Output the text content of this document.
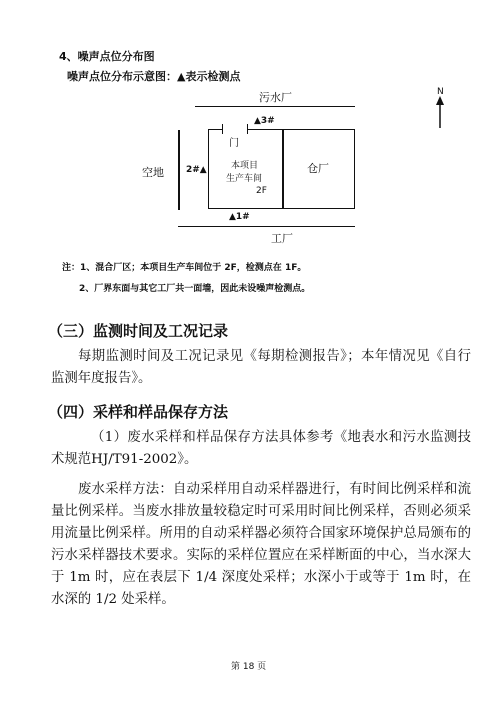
4、噪声点位分布图
噪声点位分布示意图：▲表示检测点
污水厂	N
门
▲3#
空地 2#▲	本项目
生产车间
2F
仓厂
▲1#
工厂
注：1、混合厂区；本项目生产车间位于 2F，检测点在 1F。
2、厂界东面与其它工厂共一面墙，因此未设噪声检测点。
（三）监测时间及工况记录
每期监测时间及工况记录见《每期检测报告》；本年情况见《自行监测年度报告》。
（四）采样和样品保存方法
（1）废水采样和样品保存方法具体参考《地表水和污水监测技术规范HJ/T91-2002》。
废水采样方法：自动采样用自动采样器进行，有时间比例采样和流量比例采样。当废水排放量较稳定时可采用时间比例采样，否则必须采用流量比例采样。所用的自动采样器必须符合国家环境保护总局颁布的污水采样器技术要求。实际的采样位置应在采样断面的中心，当水深大于 1m 时，应在表层下 1/4 深度处采样；水深小于或等于 1m 时，在水深的 1/2 处采样。
第 18 页
